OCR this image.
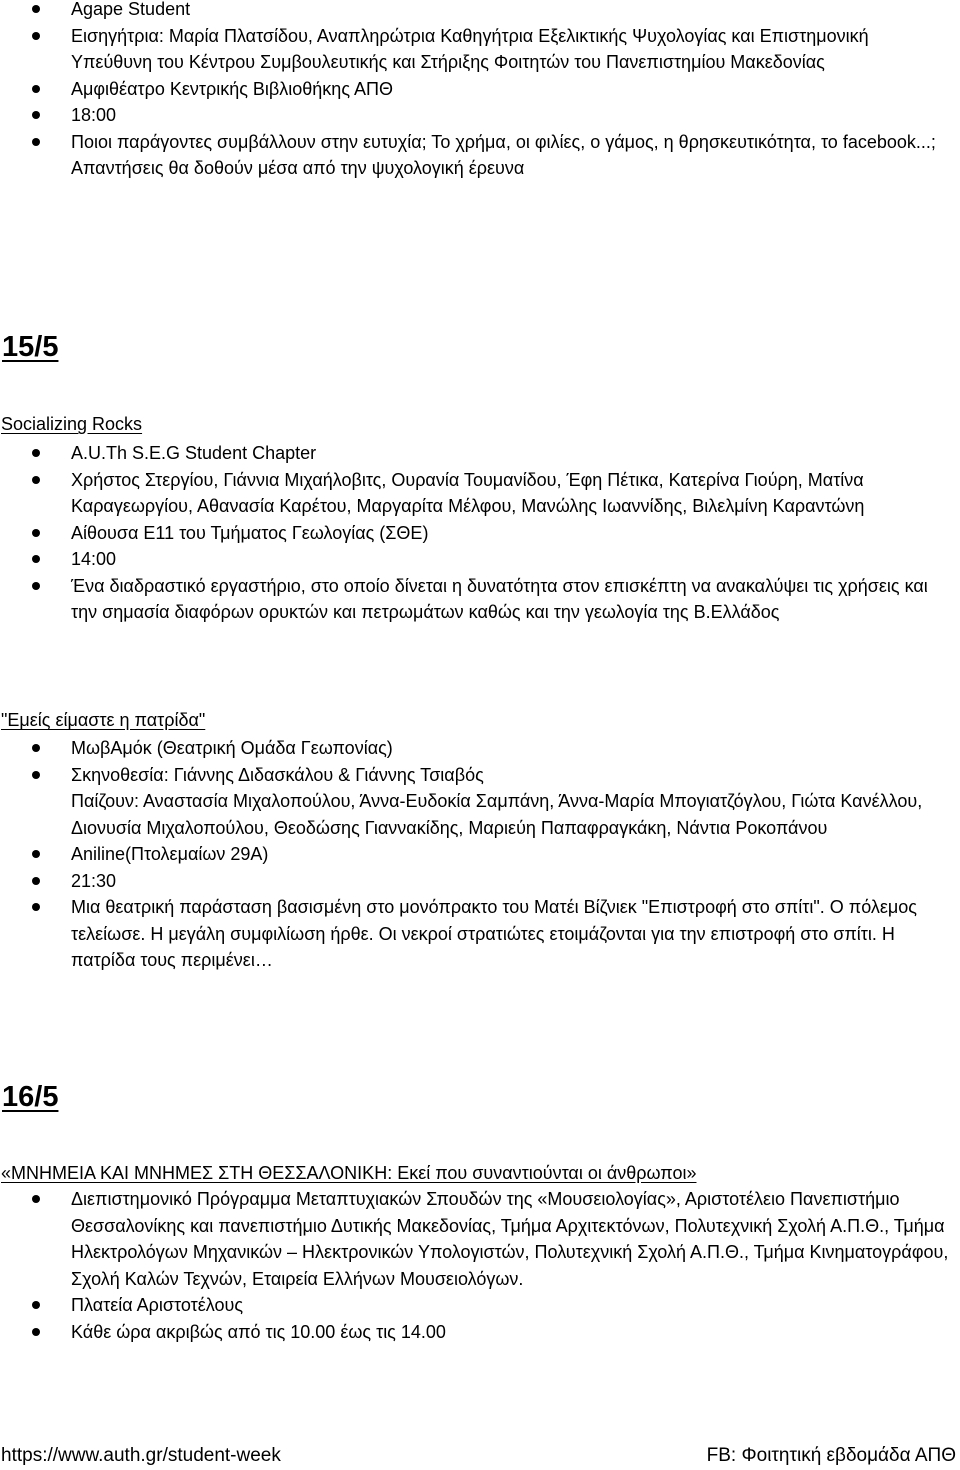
Agape Student
Εισηγήτρια: Μαρία Πλατσίδου, Αναπληρώτρια Καθηγήτρια Εξελικτικής Ψυχολογίας και Επιστημονική Υπεύθυνη του Κέντρου Συμβουλευτικής και Στήριξης Φοιτητών του Πανεπιστημίου Μακεδονίας
Αμφιθέατρο Κεντρικής Βιβλιοθήκης ΑΠΘ
18:00
Ποιοι παράγοντες συμβάλλουν στην ευτυχία; Το χρήμα, οι φιλίες, ο γάμος, η θρησκευτικότητα, το facebook...; Απαντήσεις θα δοθούν μέσα από την ψυχολογική έρευνα
15/5
Socializing Rocks
A.U.Th S.E.G Student Chapter
Χρήστος Στεργίου, Γιάννια Μιχαήλοβιτς, Ουρανία Τουμανίδου, Έφη Πέτικα, Κατερίνα Γιούρη, Ματίνα Καραγεωργίου, Αθανασία Καρέτου, Μαργαρίτα Μέλφου, Μανώλης Ιωαννίδης, Βιλελμίνη Καραντώνη
Αίθουσα Ε11 του Τμήματος Γεωλογίας (ΣΘΕ)
14:00
Ένα διαδραστικό εργαστήριο, στο οποίο δίνεται η δυνατότητα στον επισκέπτη να ανακαλύψει τις χρήσεις και την σημασία διαφόρων ορυκτών και πετρωμάτων καθώς και την γεωλογία της Β.Ελλάδος
"Εμείς είμαστε η πατρίδα"
ΜωβΑμόκ (Θεατρική Ομάδα Γεωπονίας)
Σκηνοθεσία: Γιάννης Διδασκάλου & Γιάννης Τσιαβός
Παίζουν: Αναστασία Μιχαλοπούλου, Άννα-Ευδοκία Σαμπάνη, Άννα-Μαρία Μπογιατζόγλου, Γιώτα Κανέλλου, Διονυσία Μιχαλοπούλου, Θεοδώσης Γιαννακίδης, Μαριεύη Παπαφραγκάκη, Νάντια Ροκοπάνου
Aniline(Πτολεμαίων 29Α)
21:30
Μια θεατρική παράσταση βασισμένη στο μονόπρακτο του Ματέι Βίζνιεκ "Επιστροφή στο σπίτι". Ο πόλεμος τελείωσε. Η μεγάλη συμφιλίωση ήρθε. Οι νεκροί στρατιώτες ετοιμάζονται για την επιστροφή στο σπίτι. Η πατρίδα τους περιμένει…
16/5
«ΜΝΗΜΕΙΑ ΚΑΙ ΜΝΗΜΕΣ ΣΤΗ ΘΕΣΣΑΛΟΝΙΚΗ: Εκεί που συναντιούνται οι άνθρωποι»
Διεπιστημονικό Πρόγραμμα Μεταπτυχιακών Σπουδών της «Μουσειολογίας», Αριστοτέλειο Πανεπιστήμιο Θεσσαλονίκης και πανεπιστήμιο Δυτικής Μακεδονίας, Τμήμα Αρχιτεκτόνων, Πολυτεχνική Σχολή Α.Π.Θ., Τμήμα Ηλεκτρολόγων Μηχανικών – Ηλεκτρονικών Υπολογιστών, Πολυτεχνική Σχολή Α.Π.Θ., Τμήμα Κινηματογράφου, Σχολή Καλών Τεχνών, Εταιρεία Ελλήνων Μουσειολόγων.
Πλατεία Αριστοτέλους
Κάθε ώρα ακριβώς από τις 10.00 έως τις 14.00
https://www.auth.gr/student-week	FB: Φοιτητική εβδομάδα ΑΠΘ
